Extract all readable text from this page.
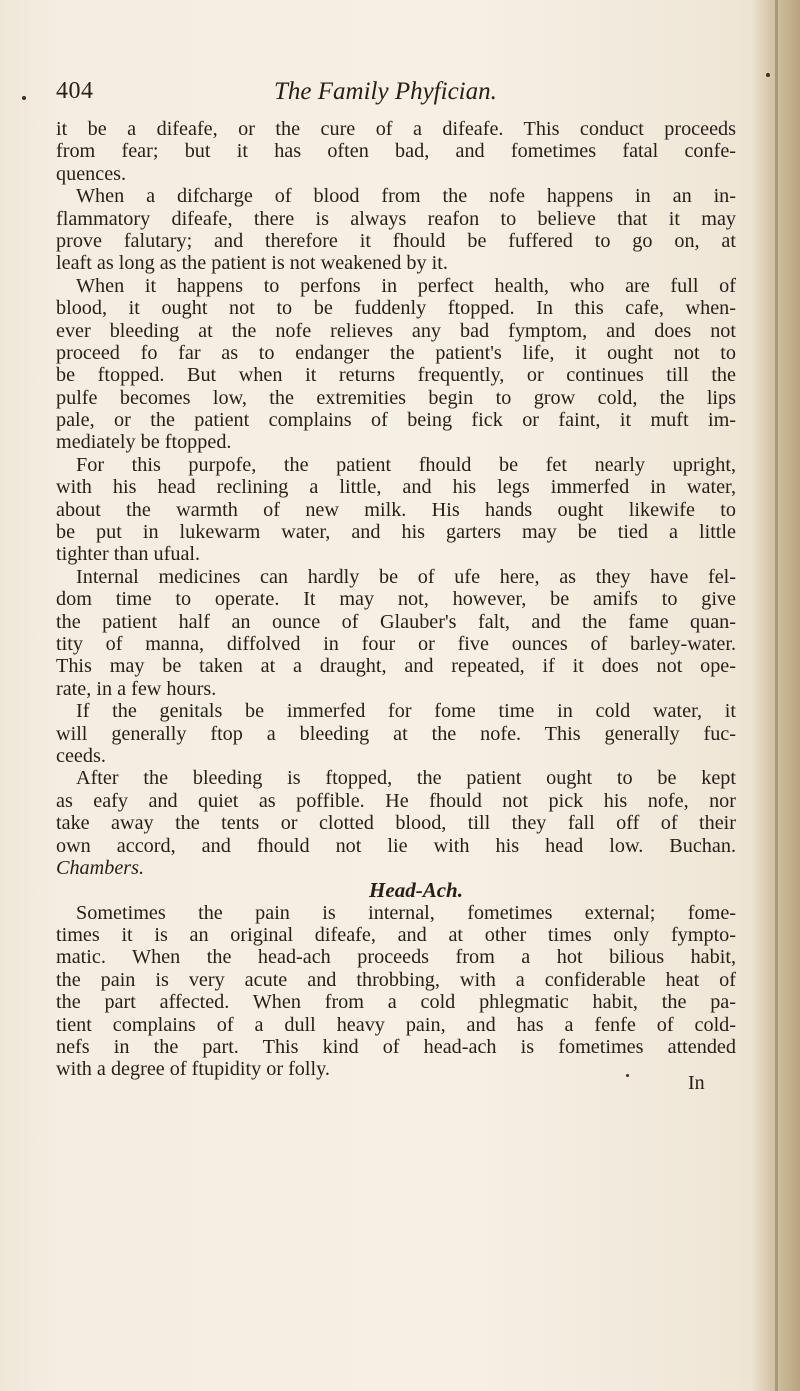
404	The Family Phyfician.
it be a difeafe, or the cure of a difeafe. This conduct proceeds
from fear; but it has often bad, and fometimes fatal confe-
quences.
When a difcharge of blood from the nofe happens in an in-
flammatory difeafe, there is always reafon to believe that it may
prove falutary; and therefore it fhould be fuffered to go on, at
leaft as long as the patient is not weakened by it.
When it happens to perfons in perfect health, who are full of
blood, it ought not to be fuddenly ftopped. In this cafe, when-
ever bleeding at the nofe relieves any bad fymptom, and does not
proceed fo far as to endanger the patient's life, it ought not to
be ftopped. But when it returns frequently, or continues till the
pulfe becomes low, the extremities begin to grow cold, the lips
pale, or the patient complains of being fick or faint, it muft im-
mediately be ftopped.
For this purpofe, the patient fhould be fet nearly upright,
with his head reclining a little, and his legs immerfed in water,
about the warmth of new milk. His hands ought likewife to
be put in lukewarm water, and his garters may be tied a little
tighter than ufual.
Internal medicines can hardly be of ufe here, as they have fel-
dom time to operate. It may not, however, be amifs to give
the patient half an ounce of Glauber's falt, and the fame quan-
tity of manna, diffolved in four or five ounces of barley-water.
This may be taken at a draught, and repeated, if it does not ope-
rate, in a few hours.
If the genitals be immerfed for fome time in cold water, it
will generally ftop a bleeding at the nofe. This generally fuc-
ceeds.
After the bleeding is ftopped, the patient ought to be kept
as eafy and quiet as poffible. He fhould not pick his nofe, nor
take away the tents or clotted blood, till they fall off of their
own accord, and fhould not lie with his head low. Buchan.
Chambers.
Head-Ach.
Sometimes the pain is internal, fometimes external; fome-
times it is an original difeafe, and at other times only fympto-
matic. When the head-ach proceeds from a hot bilious habit,
the pain is very acute and throbbing, with a confiderable heat of
the part affected. When from a cold phlegmatic habit, the pa-
tient complains of a dull heavy pain, and has a fenfe of cold-
nefs in the part. This kind of head-ach is fometimes attended
with a degree of ftupidity or folly.
In
